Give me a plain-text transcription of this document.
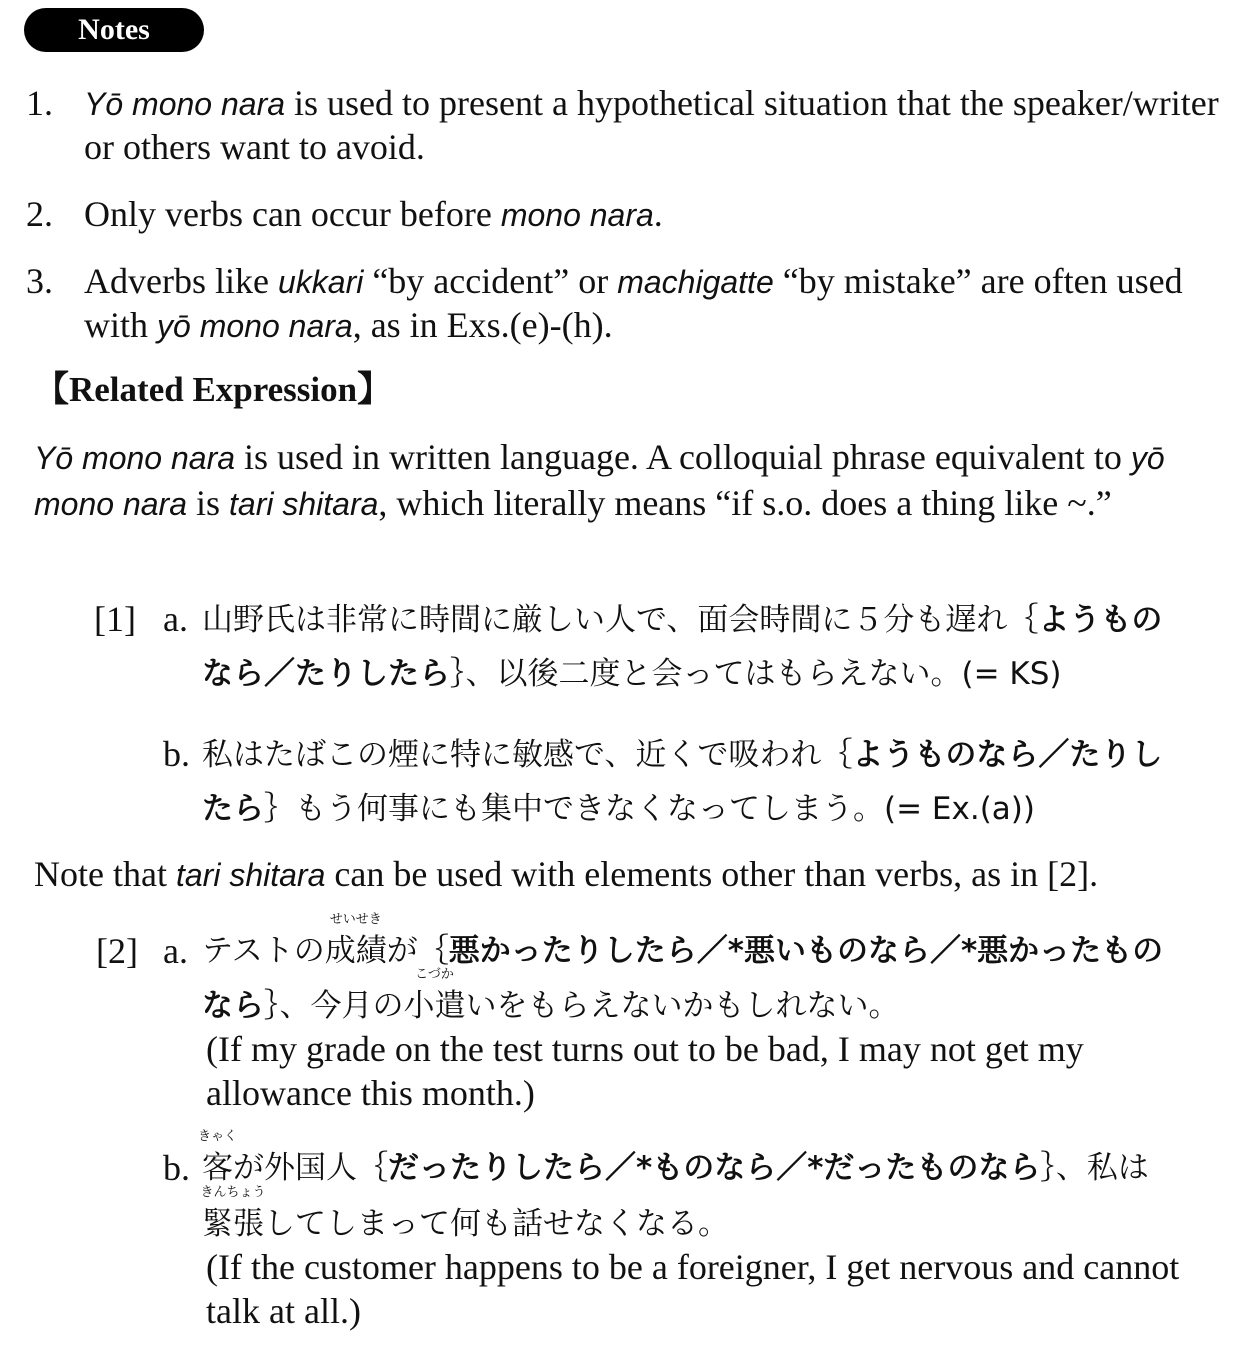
Notes
1. Yō mono nara is used to present a hypothetical situation that the speaker/writer or others want to avoid.
2. Only verbs can occur before mono nara.
3. Adverbs like ukkari “by accident” or machigatte “by mistake” are often used with yō mono nara, as in Exs.(e)-(h).
【Related Expression】
Yō mono nara is used in written language. A colloquial phrase equivalent to yō mono nara is tari shitara, which literally means “if s.o. does a thing like ~.”
[1] a. 山野氏は非常に時間に厳しい人で、面会時間に５分も遅れ｛ようもの
なら／たりしたら｝、以後二度と会ってはもらえない。(= KS)
b. 私はたばこの煙に特に敏感で、近くで吸われ｛ようものなら／たりし
たら｝もう何事にも集中できなくなってしまう。(= Ex.(a))
Note that tari shitara can be used with elements other than verbs, as in [2].
[2] a. テストの
せいせき
成績が｛悪かったりしたら／*悪いものなら／*悪かったもの
なら｝、今月の
こづか
小遣いをもらえないかもしれない。
(If my grade on the test turns out to be bad, I may not get my allowance this month.)
b.
きゃく
客が外国人｛だったりしたら／*ものなら／*だったものなら｝、私は
きんちょう
緊張してしまって何も話せなくなる。
(If the customer happens to be a foreigner, I get nervous and cannot talk at all.)
